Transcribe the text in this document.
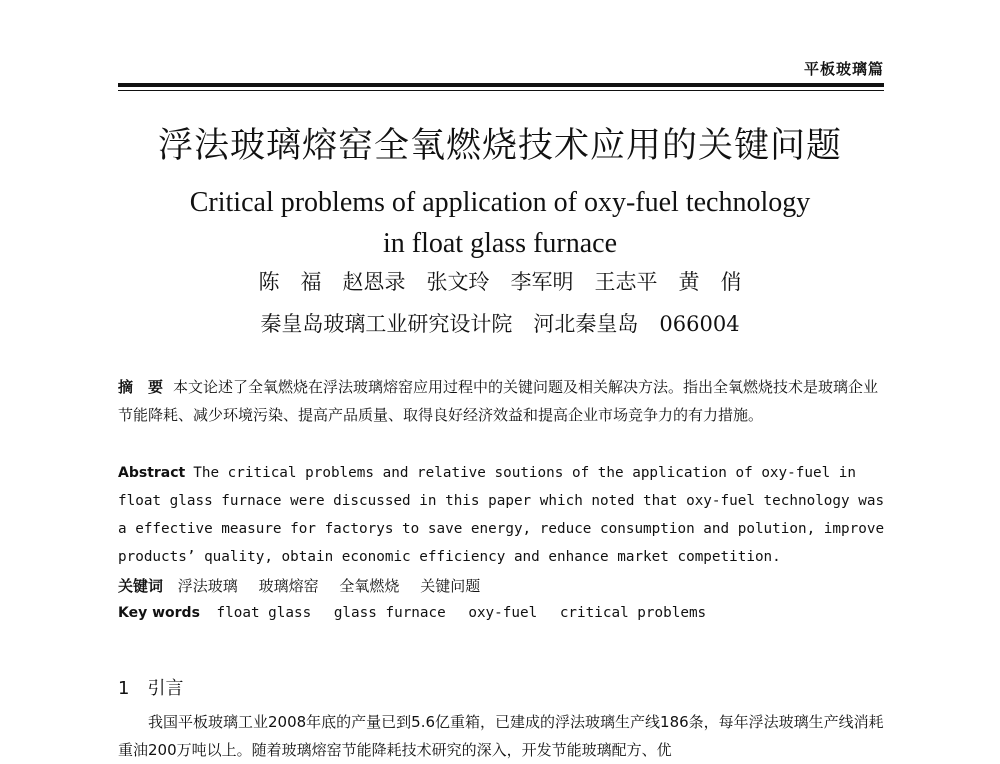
平板玻璃篇
浮法玻璃熔窑全氧燃烧技术应用的关键问题
Critical problems of application of oxy-fuel technology
in float glass furnace
陈　福　赵恩录　张文玲　李军明　王志平　黄　俏
秦皇岛玻璃工业研究设计院　河北秦皇岛　066004
摘　要 本文论述了全氧燃烧在浮法玻璃熔窑应用过程中的关键问题及相关解决方法。指出全氧燃烧技术是玻璃企业节能降耗、减少环境污染、提高产品质量、取得良好经济效益和提高企业市场竞争力的有力措施。
Abstract The critical problems and relative soutions of the application of oxy-fuel in float glass furnace were discussed in this paper which noted that oxy-fuel technology was a effective measure for factorys to save energy, reduce consumption and polution, improve products’ quality, obtain economic efficiency and enhance market competition.
关键词 浮法玻璃 玻璃熔窑 全氧燃烧 关键问题
Key words float glass glass furnace oxy-fuel critical problems
1 引言
我国平板玻璃工业2008年底的产量已到5.6亿重箱，已建成的浮法玻璃生产线186条，每年浮法玻璃生产线消耗重油200万吨以上。随着玻璃熔窑节能降耗技术研究的深入，开发节能玻璃配方、优
